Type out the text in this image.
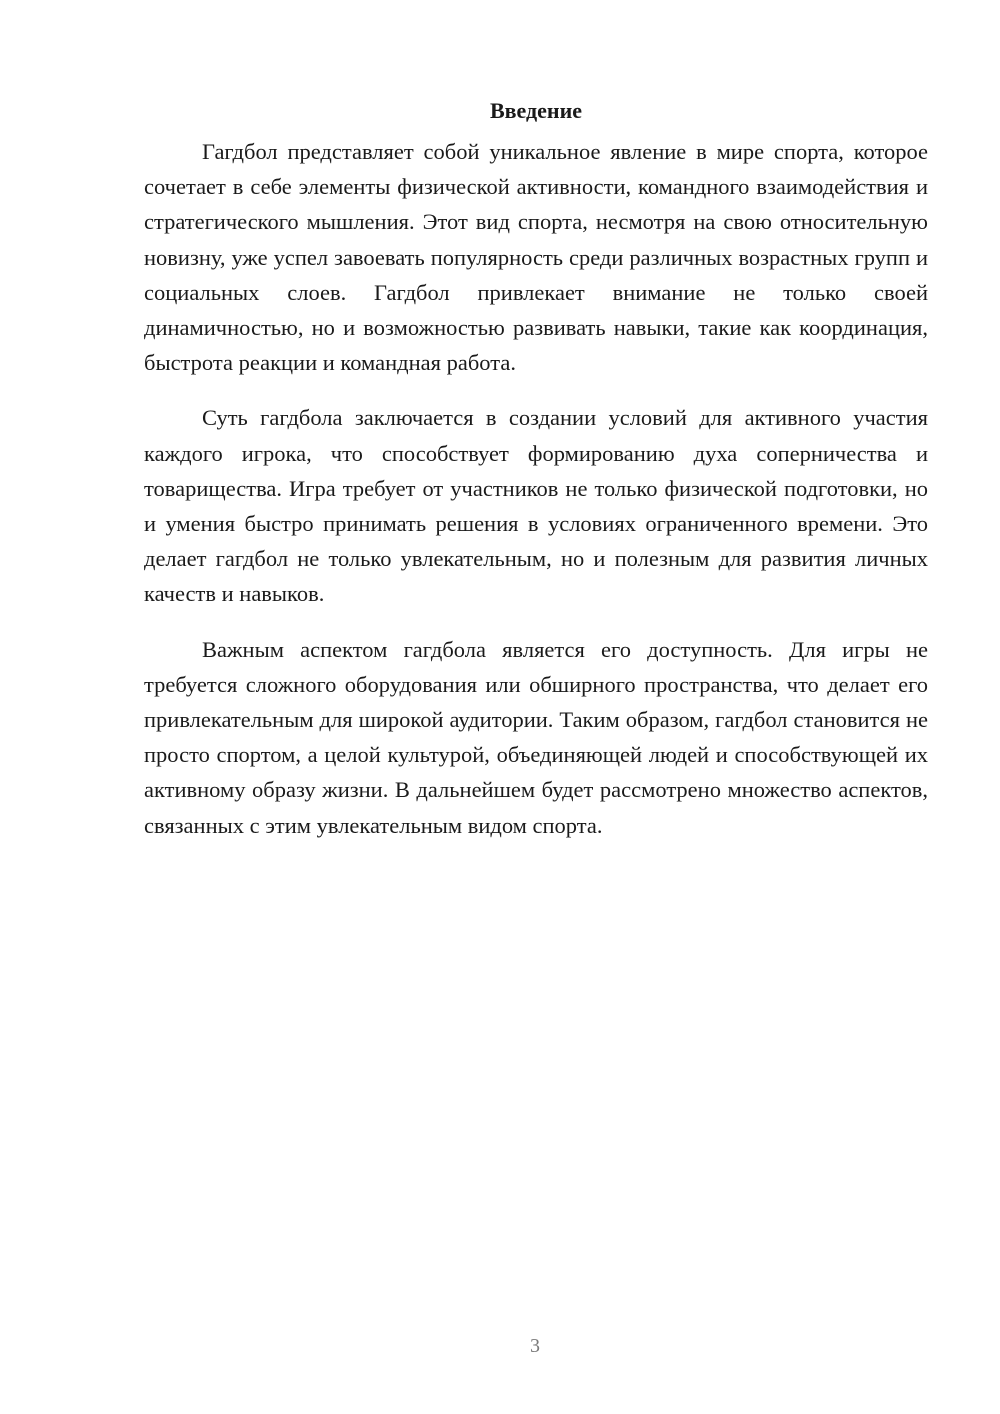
Введение

Гагдбол представляет собой уникальное явление в мире спорта, которое сочетает в себе элементы физической активности, командного взаимодействия и стратегического мышления. Этот вид спорта, несмотря на свою относительную новизну, уже успел завоевать популярность среди различных возрастных групп и социальных слоев. Гагдбол привлекает внимание не только своей динамичностью, но и возможностью развивать навыки, такие как координация, быстрота реакции и командная работа.

Суть гагдбола заключается в создании условий для активного участия каждого игрока, что способствует формированию духа соперничества и товарищества. Игра требует от участников не только физической подготовки, но и умения быстро принимать решения в условиях ограниченного времени. Это делает гагдбол не только увлекательным, но и полезным для развития личных качеств и навыков.

Важным аспектом гагдбола является его доступность. Для игры не требуется сложного оборудования или обширного пространства, что делает его привлекательным для широкой аудитории. Таким образом, гагдбол становится не просто спортом, а целой культурой, объединяющей людей и способствующей их активному образу жизни. В дальнейшем будет рассмотрено множество аспектов, связанных с этим увлекательным видом спорта.

3
